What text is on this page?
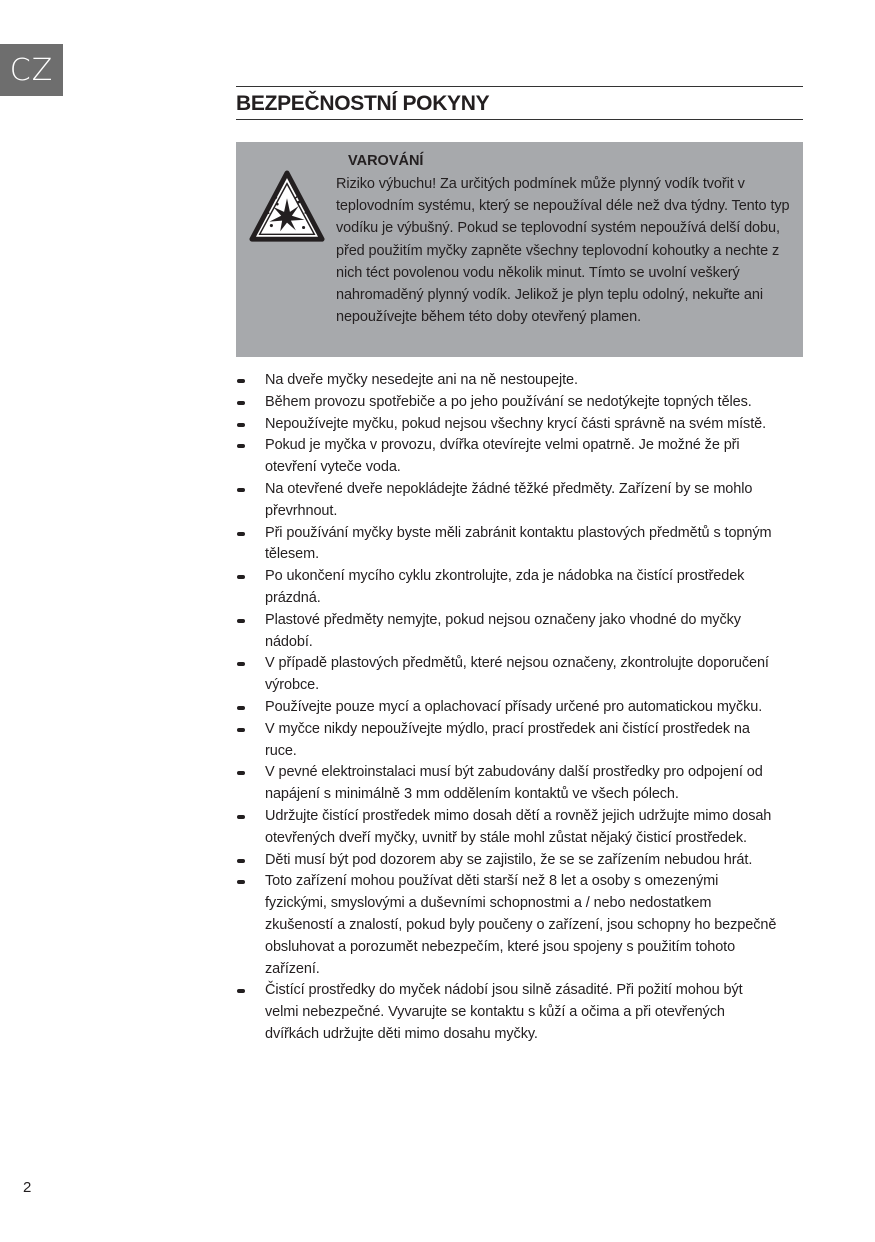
CZ
BEZPEČNOSTNÍ POKYNY
VAROVÁNÍ
Riziko výbuchu! Za určitých podmínek může plynný vodík tvořit v teplovodním systému, který se nepoužíval déle než dva týdny. Tento typ vodíku je výbušný. Pokud se teplovodní systém nepoužívá delší dobu, před použitím myčky zapněte všechny teplovodní kohoutky a nechte z nich téct povolenou vodu několik minut. Tímto se uvolní veškerý nahromaděný plynný vodík. Jelikož je plyn teplu odolný, nekuřte ani nepoužívejte během této doby otevřený plamen.
Na dveře myčky nesedejte ani na ně nestoupejte.
Během provozu spotřebiče a po jeho používání se nedotýkejte topných těles.
Nepoužívejte myčku, pokud nejsou všechny krycí části správně na svém místě.
Pokud je myčka v provozu, dvířka otevírejte velmi opatrně. Je možné že při otevření vyteče voda.
Na otevřené dveře nepokládejte žádné těžké předměty. Zařízení by se mohlo převrhnout.
Při používání myčky byste měli zabránit kontaktu plastových předmětů s topným tělesem.
Po ukončení mycího cyklu zkontrolujte, zda je nádobka na čistící prostředek prázdná.
Plastové předměty nemyjte, pokud nejsou označeny jako vhodné do myčky nádobí.
V případě plastových předmětů, které nejsou označeny, zkontrolujte doporučení výrobce.
Používejte pouze mycí a oplachovací přísady určené pro automatickou myčku.
V myčce nikdy nepoužívejte mýdlo, prací prostředek ani čistící prostředek na ruce.
V pevné elektroinstalaci musí být zabudovány další prostředky pro odpojení od napájení s minimálně 3 mm oddělením kontaktů ve všech pólech.
Udržujte čistící prostředek mimo dosah dětí a rovněž jejich udržujte mimo dosah otevřených dveří myčky, uvnitř by stále mohl zůstat nějaký čisticí prostředek.
Děti musí být pod dozorem aby se zajistilo, že se se zařízením nebudou hrát.
Toto zařízení mohou používat děti starší než 8 let a osoby s omezenými fyzickými, smyslovými a duševními schopnostmi a / nebo nedostatkem zkušeností a znalostí, pokud byly poučeny o zařízení, jsou schopny ho bezpečně obsluhovat a porozumět nebezpečím, které jsou spojeny s použitím tohoto zařízení.
Čistící prostředky do myček nádobí jsou silně zásadité. Při požití mohou být velmi nebezpečné. Vyvarujte se kontaktu s kůží a očima a při otevřených dvířkách udržujte děti mimo dosahu myčky.
2
